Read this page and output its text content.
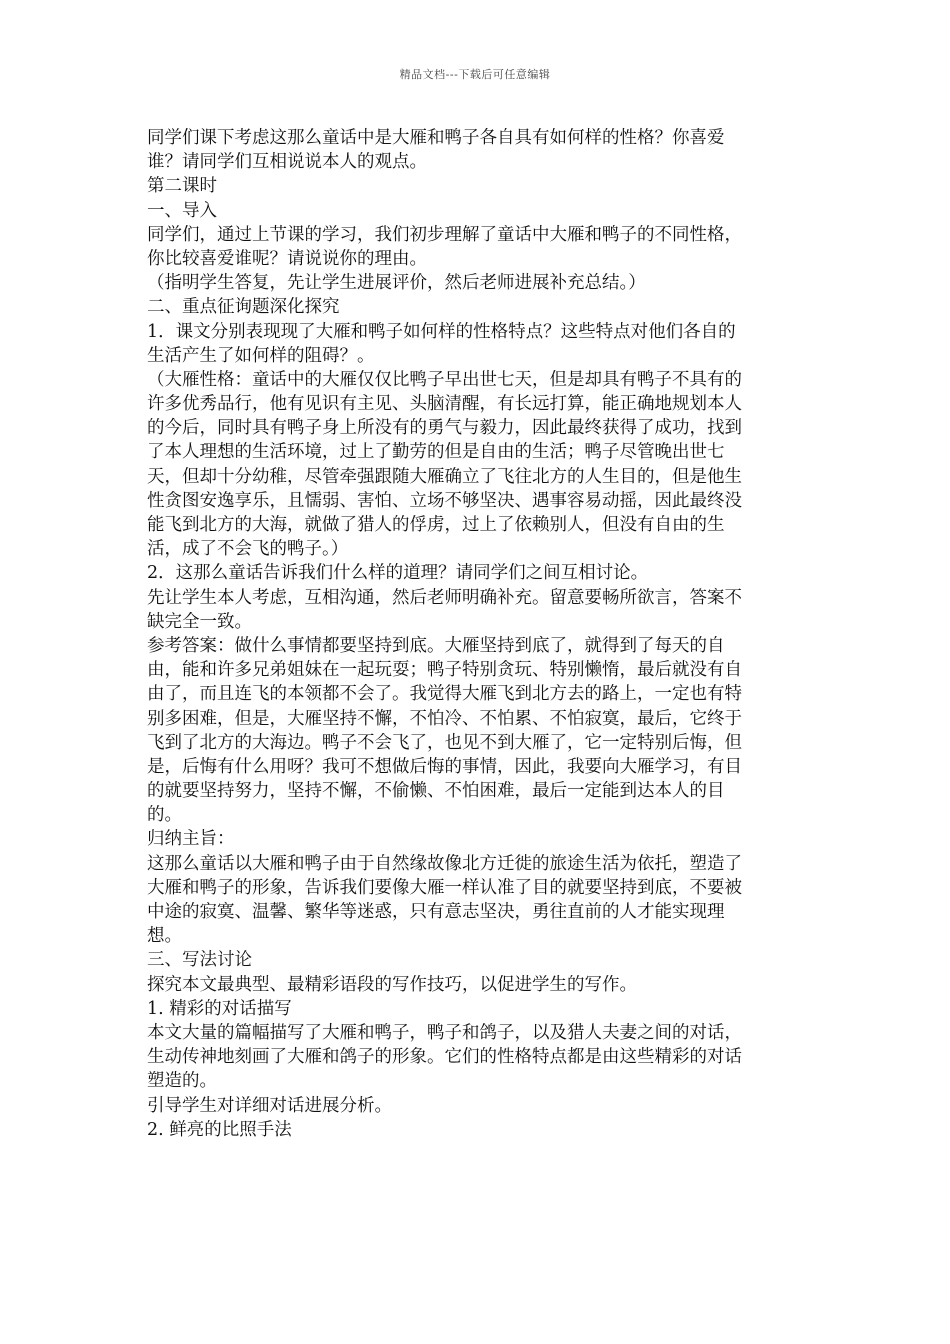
精品文档---下载后可任意编辑
同学们课下考虑这那么童话中是大雁和鸭子各自具有如何样的性格？你喜爱
谁？请同学们互相说说本人的观点。
第二课时
一、导入
同学们，通过上节课的学习，我们初步理解了童话中大雁和鸭子的不同性格，
你比较喜爱谁呢？请说说你的理由。
（指明学生答复，先让学生进展评价，然后老师进展补充总结。）
二、重点征询题深化探究
1．课文分别表现现了大雁和鸭子如何样的性格特点？这些特点对他们各自的
生活产生了如何样的阻碍？。
（大雁性格：童话中的大雁仅仅比鸭子早出世七天，但是却具有鸭子不具有的
许多优秀品行，他有见识有主见、头脑清醒，有长远打算，能正确地规划本人
的今后，同时具有鸭子身上所没有的勇气与毅力，因此最终获得了成功，找到
了本人理想的生活环境，过上了勤劳的但是自由的生活；鸭子尽管晚出世七
天，但却十分幼稚，尽管牵强跟随大雁确立了飞往北方的人生目的，但是他生
性贪图安逸享乐，且懦弱、害怕、立场不够坚决、遇事容易动摇，因此最终没
能飞到北方的大海，就做了猎人的俘虏，过上了依赖别人，但没有自由的生
活，成了不会飞的鸭子。）
2．这那么童话告诉我们什么样的道理？请同学们之间互相讨论。
先让学生本人考虑，互相沟通，然后老师明确补充。留意要畅所欲言，答案不
缺完全一致。
参考答案：做什么事情都要坚持到底。大雁坚持到底了，就得到了每天的自
由，能和许多兄弟姐妹在一起玩耍；鸭子特别贪玩、特别懒惰，最后就没有自
由了，而且连飞的本领都不会了。我觉得大雁飞到北方去的路上，一定也有特
别多困难，但是，大雁坚持不懈，不怕冷、不怕累、不怕寂寞，最后，它终于
飞到了北方的大海边。鸭子不会飞了，也见不到大雁了，它一定特别后悔，但
是，后悔有什么用呀？我可不想做后悔的事情，因此，我要向大雁学习，有目
的就要坚持努力，坚持不懈，不偷懒、不怕困难，最后一定能到达本人的目
的。
归纳主旨：
这那么童话以大雁和鸭子由于自然缘故像北方迁徙的旅途生活为依托，塑造了
大雁和鸭子的形象，告诉我们要像大雁一样认准了目的就要坚持到底，不要被
中途的寂寞、温馨、繁华等迷惑，只有意志坚决，勇往直前的人才能实现理
想。
三、写法讨论
探究本文最典型、最精彩语段的写作技巧，以促进学生的写作。
1. 精彩的对话描写
本文大量的篇幅描写了大雁和鸭子，鸭子和鸽子，以及猎人夫妻之间的对话，
生动传神地刻画了大雁和鸽子的形象。它们的性格特点都是由这些精彩的对话
塑造的。
引导学生对详细对话进展分析。
2. 鲜亮的比照手法
